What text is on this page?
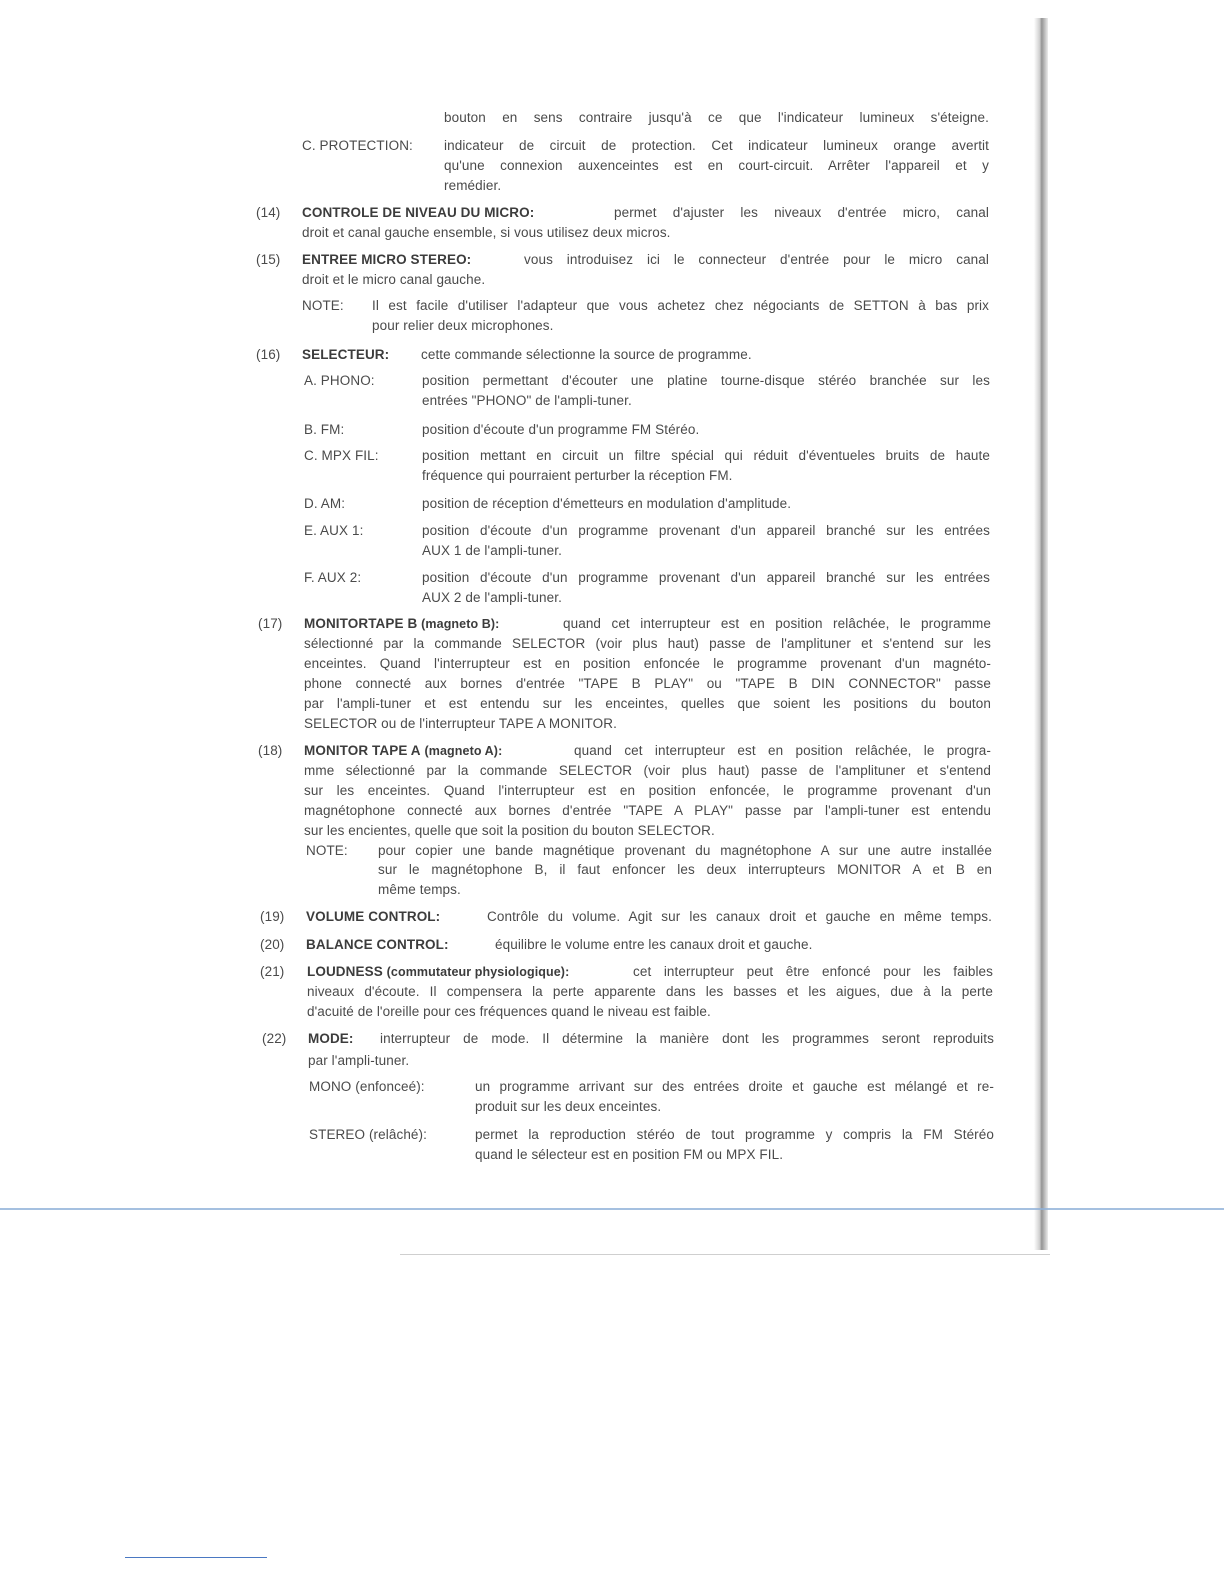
bouton en sens contraire jusqu'à ce que l'indicateur lumineux s'éteigne.
C. PROTECTION: indicateur de circuit de protection. Cet indicateur lumineux orange avertit
qu'une connexion auxenceintes est en court-circuit. Arrêter l'appareil et y
remédier.
(14) CONTROLE DE NIVEAU DU MICRO:	permet d'ajuster les niveaux d'entrée micro, canal
droit et canal gauche ensemble, si vous utilisez deux micros.
(15) ENTREE MICRO STEREO:	vous introduisez ici le connecteur d'entrée pour le micro canal
droit et le micro canal gauche.
NOTE: Il est facile d'utiliser l'adapteur que vous achetez chez négociants de SETTON à bas prix
pour relier deux microphones.
(16) SELECTEUR: cette commande sélectionne la source de programme.
A. PHONO:	position permettant d'écouter une platine tourne-disque stéréo branchée sur les
entrées "PHONO" de l'ampli-tuner.
B. FM:	position d'écoute d'un programme FM Stéréo.
C. MPX FIL:	position mettant en circuit un filtre spécial qui réduit d'éventueles bruits de haute
fréquence qui pourraient perturber la réception FM.
D. AM:	position de réception d'émetteurs en modulation d'amplitude.
E. AUX 1:	position d'écoute d'un programme provenant d'un appareil branché sur les entrées
AUX 1 de l'ampli-tuner.
F. AUX 2:	position d'écoute d'un programme provenant d'un appareil branché sur les entrées
AUX 2 de l'ampli-tuner.
(17) MONITORTAPE B (magneto B):	quand cet interrupteur est en position relâchée, le programme
sélectionné par la commande SELECTOR (voir plus haut) passe de l'amplituner et s'entend sur les
enceintes. Quand l'interrupteur est en position enfoncée le programme provenant d'un magnéto-
phone connecté aux bornes d'entrée "TAPE B PLAY" ou "TAPE B DIN CONNECTOR" passe
par l'ampli-tuner et est entendu sur les enceintes, quelles que soient les positions du bouton
SELECTOR ou de l'interrupteur TAPE A MONITOR.
(18) MONITOR TAPE A (magneto A):	quand cet interrupteur est en position relâchée, le progra-
mme sélectionné par la commande SELECTOR (voir plus haut) passe de l'amplituner et s'entend
sur les enceintes. Quand l'interrupteur est en position enfoncée, le programme provenant d'un
magnétophone connecté aux bornes d'entrée "TAPE A PLAY" passe par l'ampli-tuner est entendu
sur les encientes, quelle que soit la position du bouton SELECTOR.
NOTE: pour copier une bande magnétique provenant du magnétophone A sur une autre installée
sur le magnétophone B, il faut enfoncer les deux interrupteurs MONITOR A et B en
même temps.
(19) VOLUME CONTROL:	Contrôle du volume. Agit sur les canaux droit et gauche en même temps.
(20) BALANCE CONTROL:	équilibre le volume entre les canaux droit et gauche.
(21) LOUDNESS (commutateur physiologique):	cet interrupteur peut être enfoncé pour les faibles
niveaux d'écoute. Il compensera la perte apparente dans les basses et les aigues, due à la perte
d'acuité de l'oreille pour ces fréquences quand le niveau est faible.
(22) MODE: interrupteur de mode. Il détermine la manière dont les programmes seront reproduits
par l'ampli-tuner.
MONO (enfonceé):	un programme arrivant sur des entrées droite et gauche est mélangé et re-
produit sur les deux enceintes.
STEREO (relâché):	permet la reproduction stéréo de tout programme y compris la FM Stéréo
quand le sélecteur est en position FM ou MPX FIL.
